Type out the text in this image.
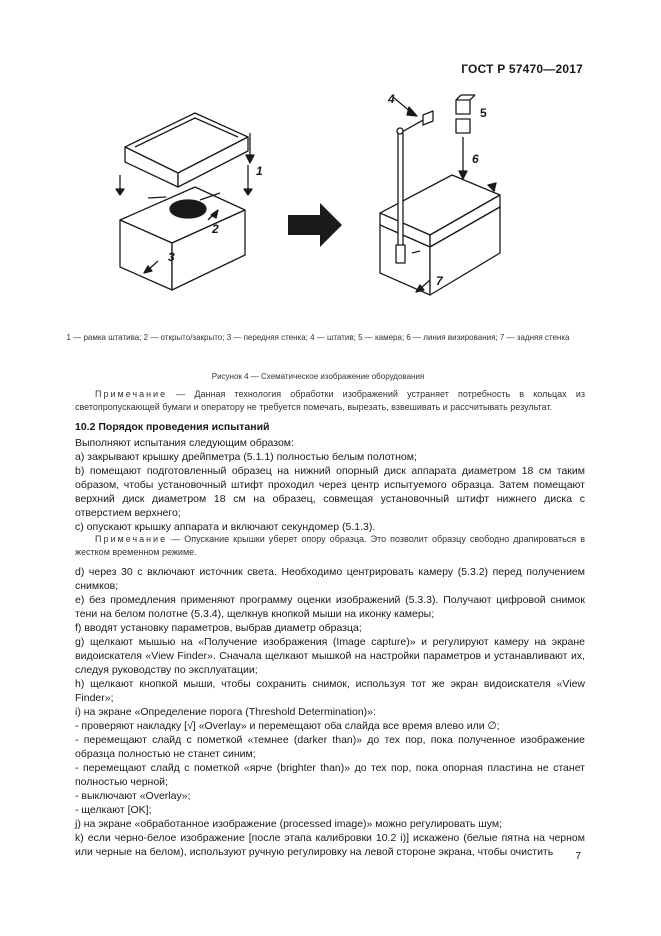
ГОСТ Р 57470—2017
1
2
3
4
5
6
7
1 — рамка штатива; 2 — открыто/закрыто; 3 — передняя стенка; 4 — штатив; 5 — камера; 6 — линия визирования; 7 — задняя стенка
Рисунок 4 — Схематическое изображение оборудования
Примечание — Данная технология обработки изображений устраняет потребность в кольцах из светопропускающей бумаги и оператору не требуется помечать, вырезать, взвешивать и рассчитывать результат.
10.2 Порядок проведения испытаний

Выполняют испытания следующим образом:

a) закрывают крышку дрейпметра (5.1.1) полностью белым полотном;

b) помещают подготовленный образец на нижний опорный диск аппарата диаметром 18 см таким образом, чтобы установочный штифт проходил через центр испытуемого образца. Затем помещают верхний диск диаметром 18 см на образец, совмещая установочный штифт нижнего диска с отверстием верхнего;

c) опускают крышку аппарата и включают секундомер (5.1.3).

Примечание — Опускание крышки уберет опору образца. Это позволит образцу свободно драпироваться в жестком временном режиме.

d) через 30 с включают источник света. Необходимо центрировать камеру (5.3.2) перед получением снимков;

e) без промедления применяют программу оценки изображений (5.3.3). Получают цифровой снимок тени на белом полотне (5.3.4), щелкнув кнопкой мыши на иконку камеры;

f) вводят установку параметров, выбрав диаметр образца;

g) щелкают мышью на «Получение изображения (Image capture)» и регулируют камеру на экране видоискателя «View Finder». Сначала щелкают мышкой на настройки параметров и устанавливают их, следуя руководству по эксплуатации;

h) щелкают кнопкой мыши, чтобы сохранить снимок, используя тот же экран видоискателя «View Finder»;

i) на экране «Определение порога (Threshold Determination)»:

- проверяют накладку [√] «Overlay» и перемещают оба слайда все время влево или ∅;

- перемещают слайд с пометкой «темнее (darker than)» до тех пор, пока полученное изображение образца полностью не станет синим;

- перемещают слайд с пометкой «ярче (brighter than)» до тех пор, пока опорная пластина не станет полностью черной;

- выключают «Overlay»;

- щелкают [OK];

j) на экране «обработанное изображение (processed image)» можно регулировать шум;

k) если черно-белое изображение [после этапа калибровки 10.2 i)] искажено (белые пятна на черном или черные на белом), используют ручную регулировку на левой стороне экрана, чтобы очистить	7
